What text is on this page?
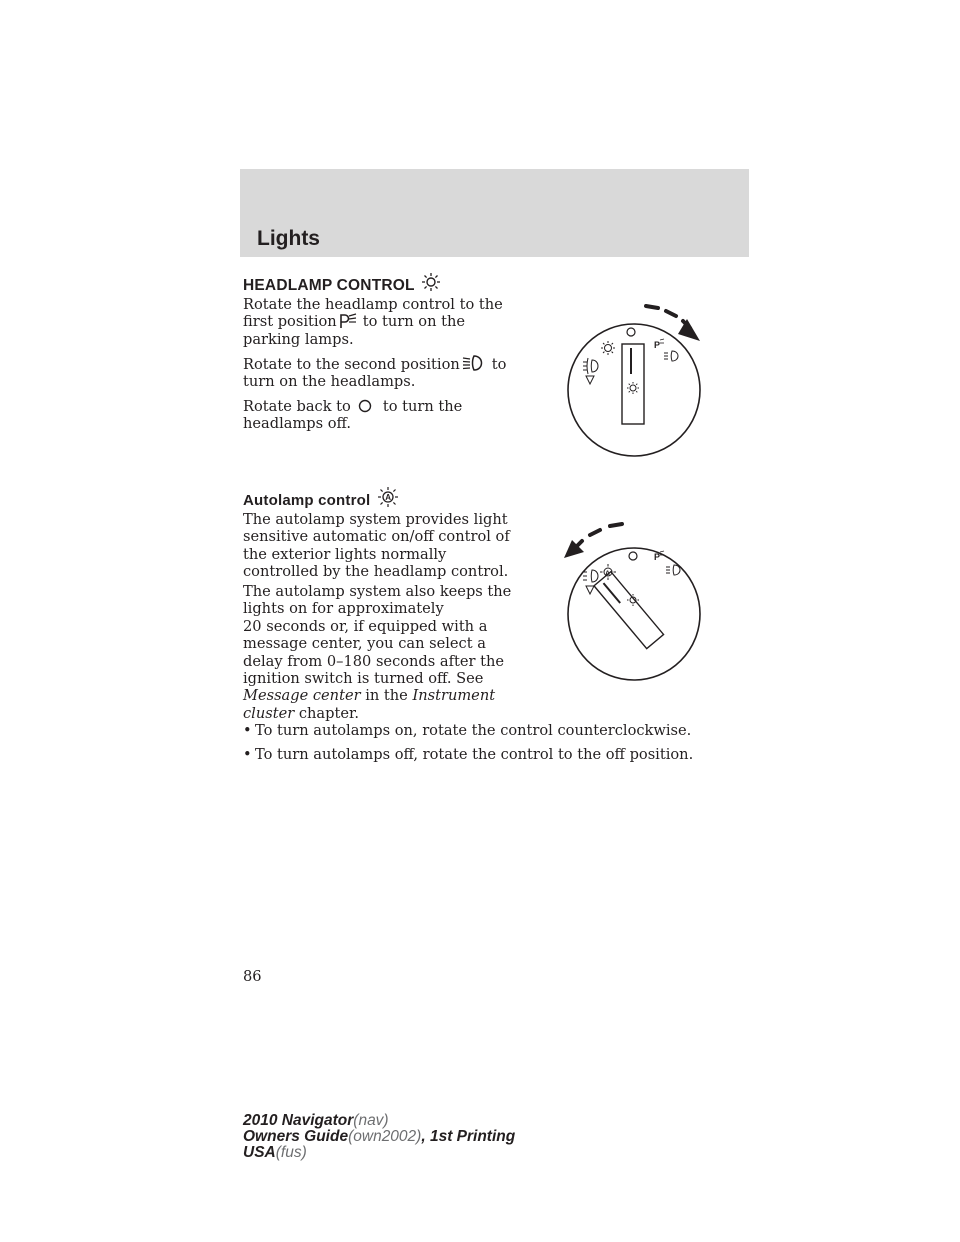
Lights
HEADLAMP CONTROL

Rotate the headlamp control to the

first position to turn on the

parking lamps.

Rotate to the second position to

turn on the headlamps.

Rotate back to to turn the

headlamps off.

P
Autolamp control A

The autolamp system provides light

sensitive automatic on/off control of

the exterior lights normally

controlled by the headlamp control.

The autolamp system also keeps the

lights on for approximately

20 seconds or, if equipped with a

message center, you can select a

delay from 0–180 seconds after the

ignition switch is turned off. See

Message center in the Instrument

cluster chapter.

• To turn autolamps on, rotate the control counterclockwise.
• To turn autolamps off, rotate the control to the off position.
A
P
86
2010 Navigator(nav)
Owners Guide(own2002), 1st Printing
USA(fus)
